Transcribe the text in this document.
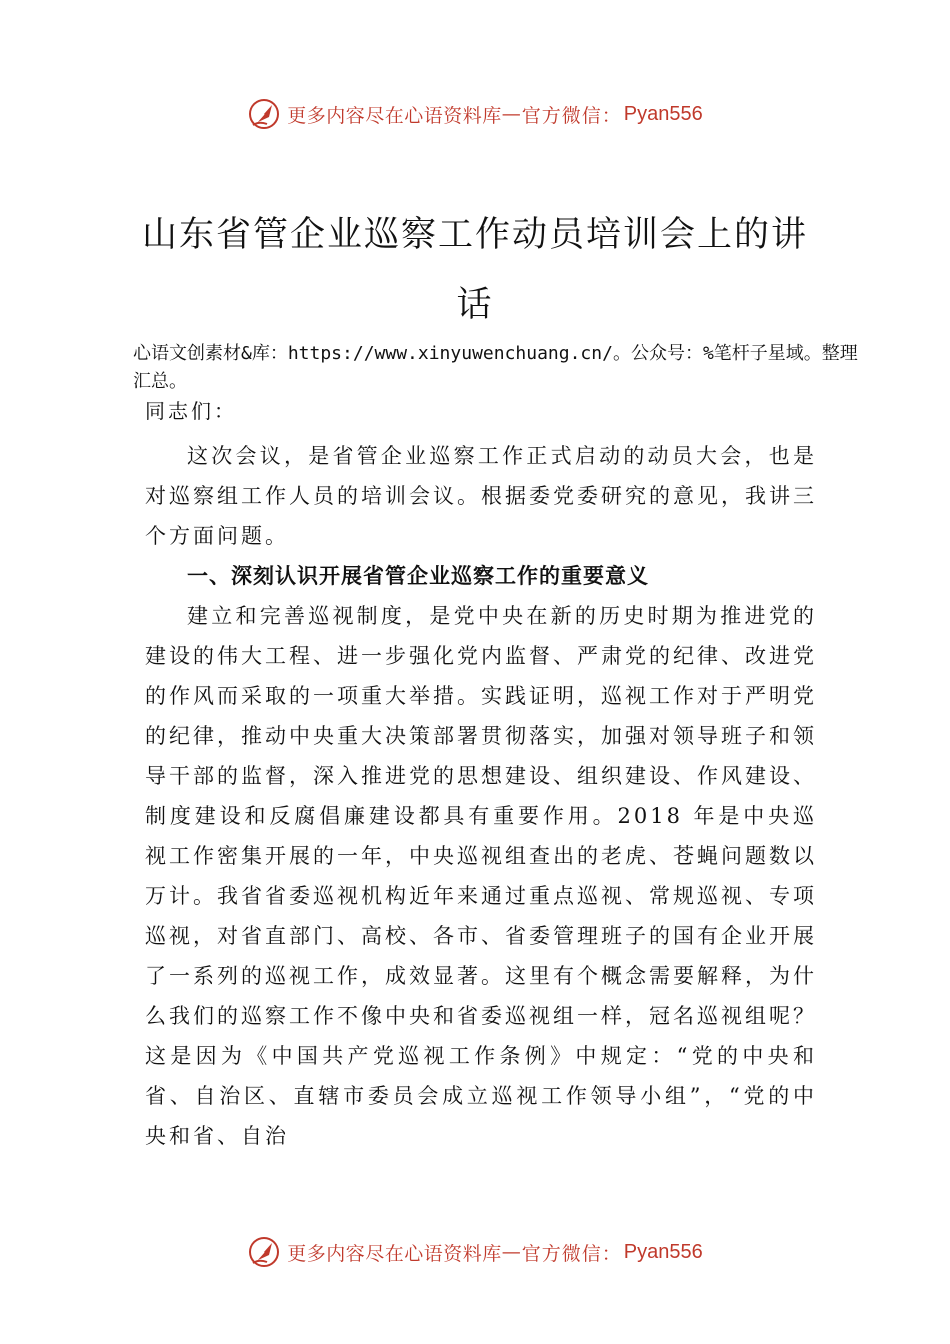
更多内容尽在心语资料库 — 官方微信： Pyan556
山东省管企业巡察工作动员培训会上的讲话

心语文创素材&库：https://www.xinyuwenchuang.cn/。公众号：%笔杆子星域。整理汇总。

同志们：

这次会议，是省管企业巡察工作正式启动的动员大会，也是对巡察组工作人员的培训会议。根据委党委研究的意见，我讲三个方面问题。

一、深刻认识开展省管企业巡察工作的重要意义

建立和完善巡视制度，是党中央在新的历史时期为推进党的建设的伟大工程、进一步强化党内监督、严肃党的纪律、改进党的作风而采取的一项重大举措。实践证明，巡视工作对于严明党的纪律，推动中央重大决策部署贯彻落实，加强对领导班子和领导干部的监督，深入推进党的思想建设、组织建设、作风建设、制度建设和反腐倡廉建设都具有重要作用。2018 年是中央巡视工作密集开展的一年，中央巡视组查出的老虎、苍蝇问题数以万计。我省省委巡视机构近年来通过重点巡视、常规巡视、专项巡视，对省直部门、高校、各市、省委管理班子的国有企业开展了一系列的巡视工作，成效显著。这里有个概念需要解释，为什么我们的巡察工作不像中央和省委巡视组一样，冠名巡视组呢？这是因为《中国共产党巡视工作条例》中规定：“党的中央和省、自治区、直辖市委员会成立巡视工作领导小组”，“党的中央和省、自治

更多内容尽在心语资料库 — 官方微信： Pyan556
